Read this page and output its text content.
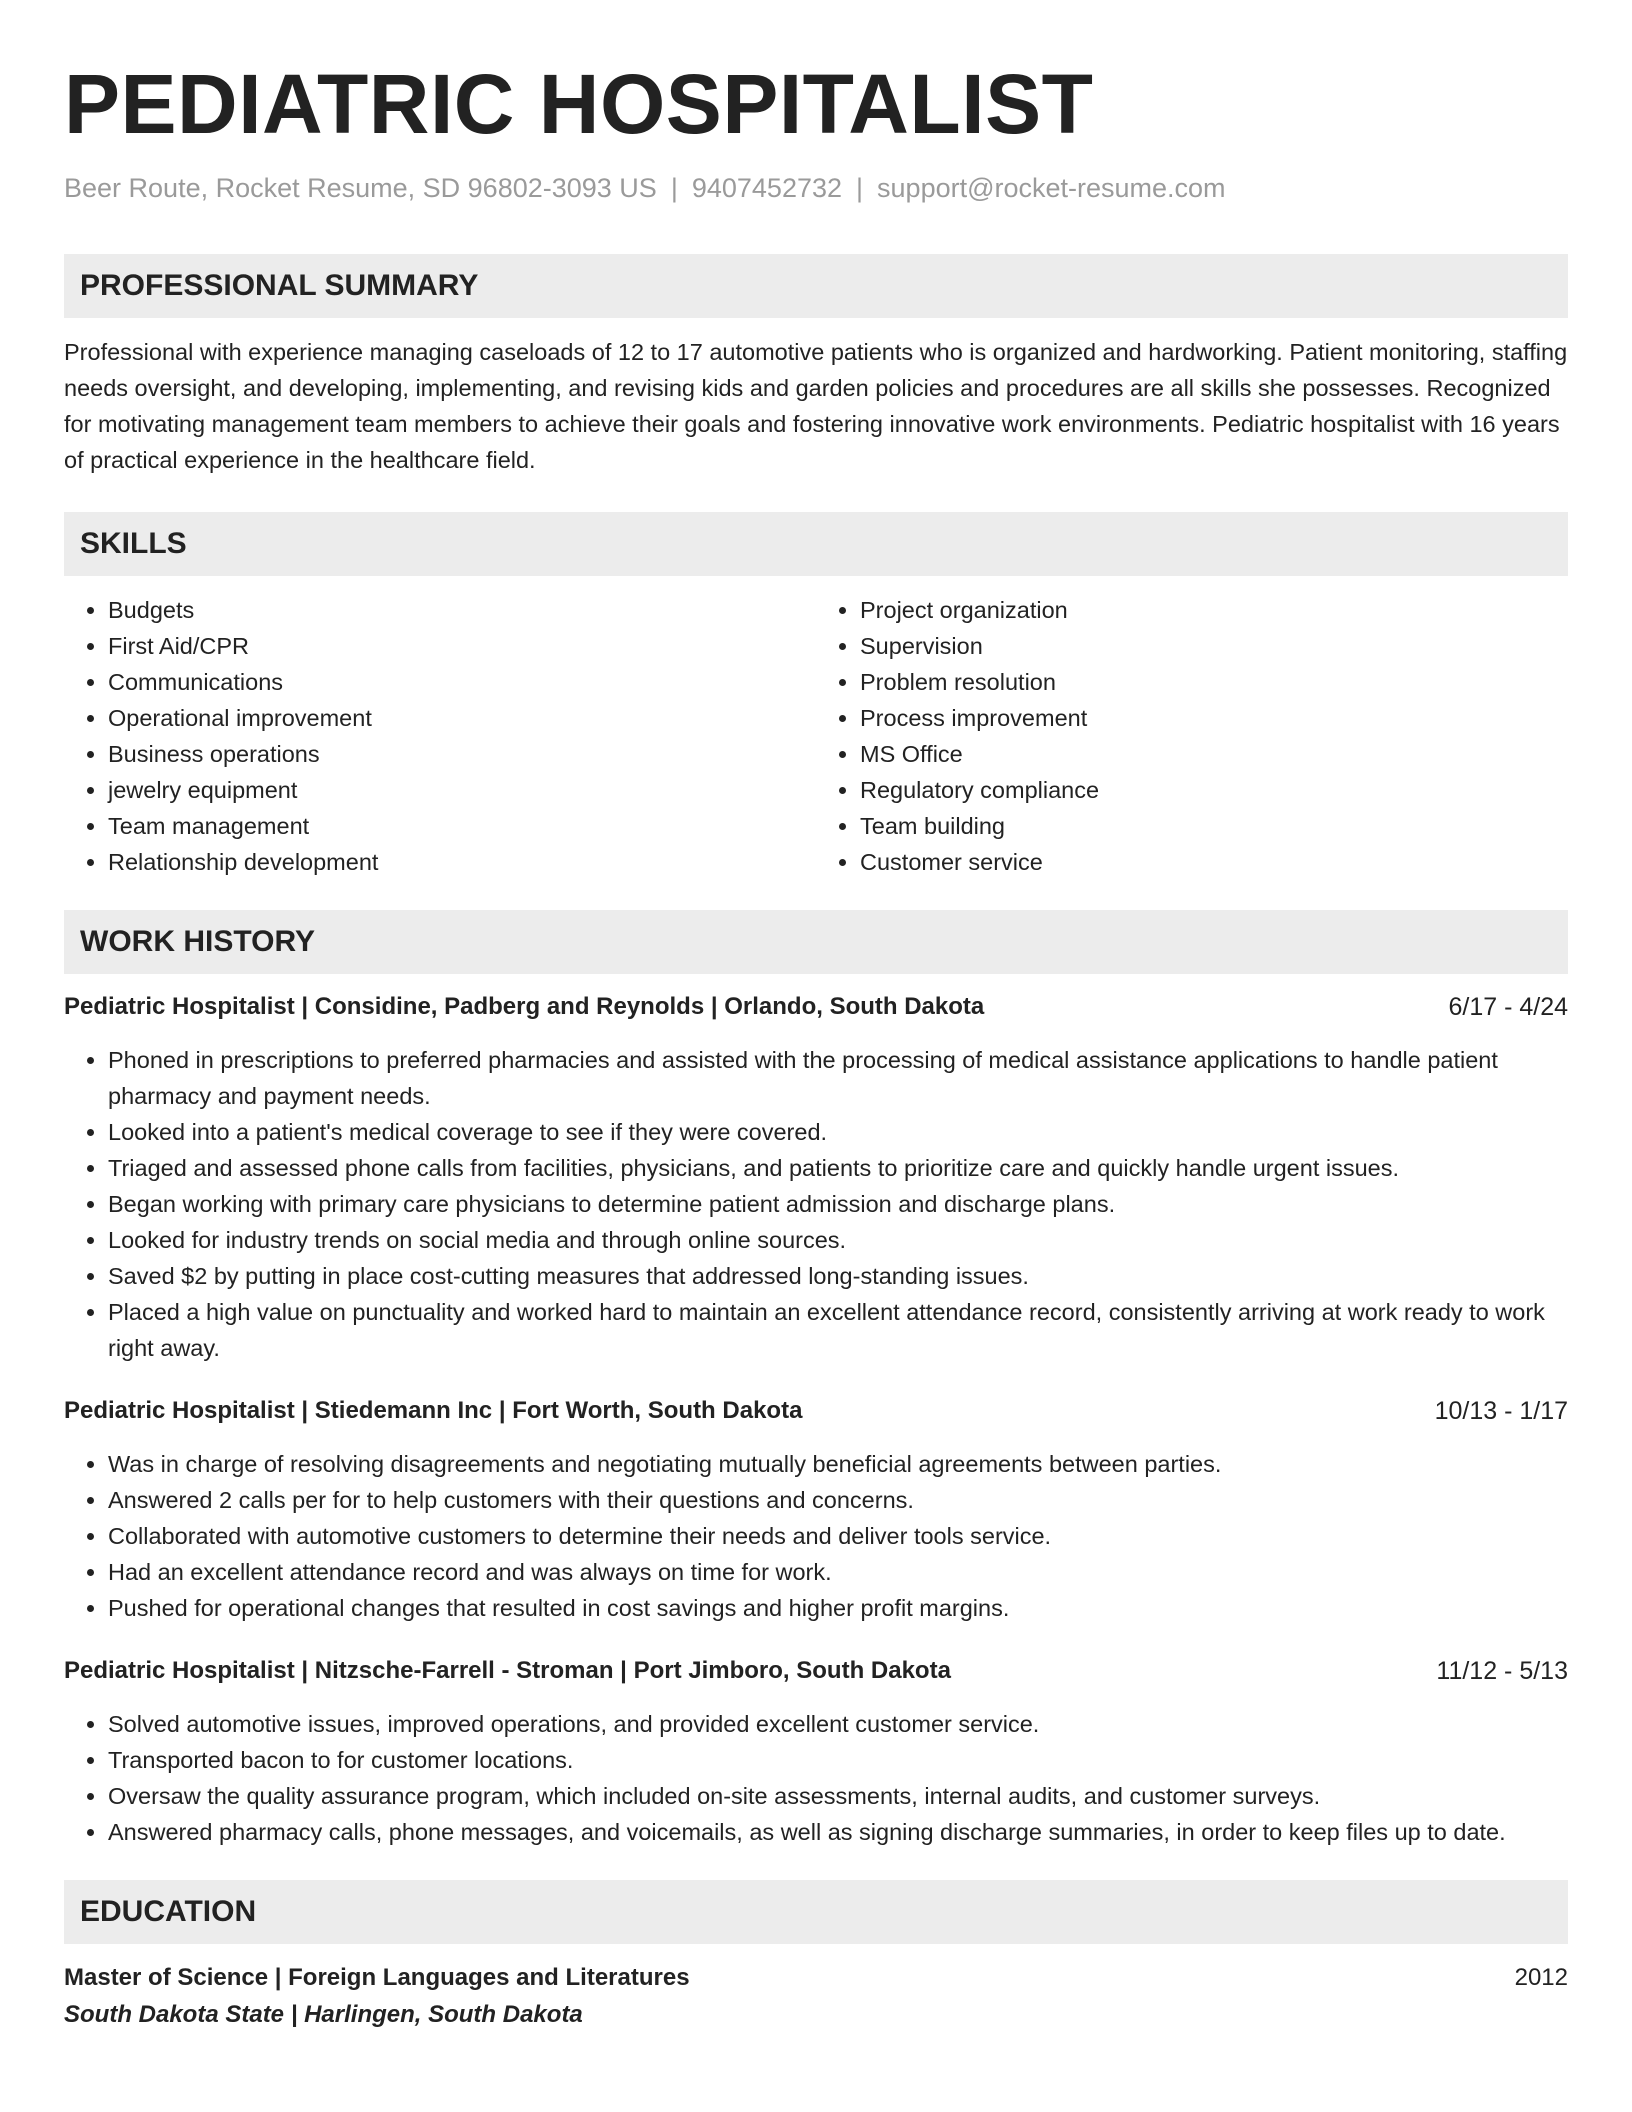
PEDIATRIC HOSPITALIST
Beer Route, Rocket Resume, SD 96802-3093 US | 9407452732 | support@rocket-resume.com
PROFESSIONAL SUMMARY
Professional with experience managing caseloads of 12 to 17 automotive patients who is organized and hardworking. Patient monitoring, staffing needs oversight, and developing, implementing, and revising kids and garden policies and procedures are all skills she possesses. Recognized for motivating management team members to achieve their goals and fostering innovative work environments. Pediatric hospitalist with 16 years of practical experience in the healthcare field.
SKILLS
• Budgets
• First Aid/CPR
• Communications
• Operational improvement
• Business operations
• jewelry equipment
• Team management
• Relationship development
• Project organization
• Supervision
• Problem resolution
• Process improvement
• MS Office
• Regulatory compliance
• Team building
• Customer service
WORK HISTORY
Pediatric Hospitalist | Considine, Padberg and Reynolds | Orlando, South Dakota	6/17 - 4/24
• Phoned in prescriptions to preferred pharmacies and assisted with the processing of medical assistance applications to handle patient pharmacy and payment needs.
• Looked into a patient's medical coverage to see if they were covered.
• Triaged and assessed phone calls from facilities, physicians, and patients to prioritize care and quickly handle urgent issues.
• Began working with primary care physicians to determine patient admission and discharge plans.
• Looked for industry trends on social media and through online sources.
• Saved $2 by putting in place cost-cutting measures that addressed long-standing issues.
• Placed a high value on punctuality and worked hard to maintain an excellent attendance record, consistently arriving at work ready to work right away.
Pediatric Hospitalist | Stiedemann Inc | Fort Worth, South Dakota	10/13 - 1/17
• Was in charge of resolving disagreements and negotiating mutually beneficial agreements between parties.
• Answered 2 calls per for to help customers with their questions and concerns.
• Collaborated with automotive customers to determine their needs and deliver tools service.
• Had an excellent attendance record and was always on time for work.
• Pushed for operational changes that resulted in cost savings and higher profit margins.
Pediatric Hospitalist | Nitzsche-Farrell - Stroman | Port Jimboro, South Dakota	11/12 - 5/13
• Solved automotive issues, improved operations, and provided excellent customer service.
• Transported bacon to for customer locations.
• Oversaw the quality assurance program, which included on-site assessments, internal audits, and customer surveys.
• Answered pharmacy calls, phone messages, and voicemails, as well as signing discharge summaries, in order to keep files up to date.
EDUCATION
Master of Science | Foreign Languages and Literatures	2012
South Dakota State | Harlingen, South Dakota
